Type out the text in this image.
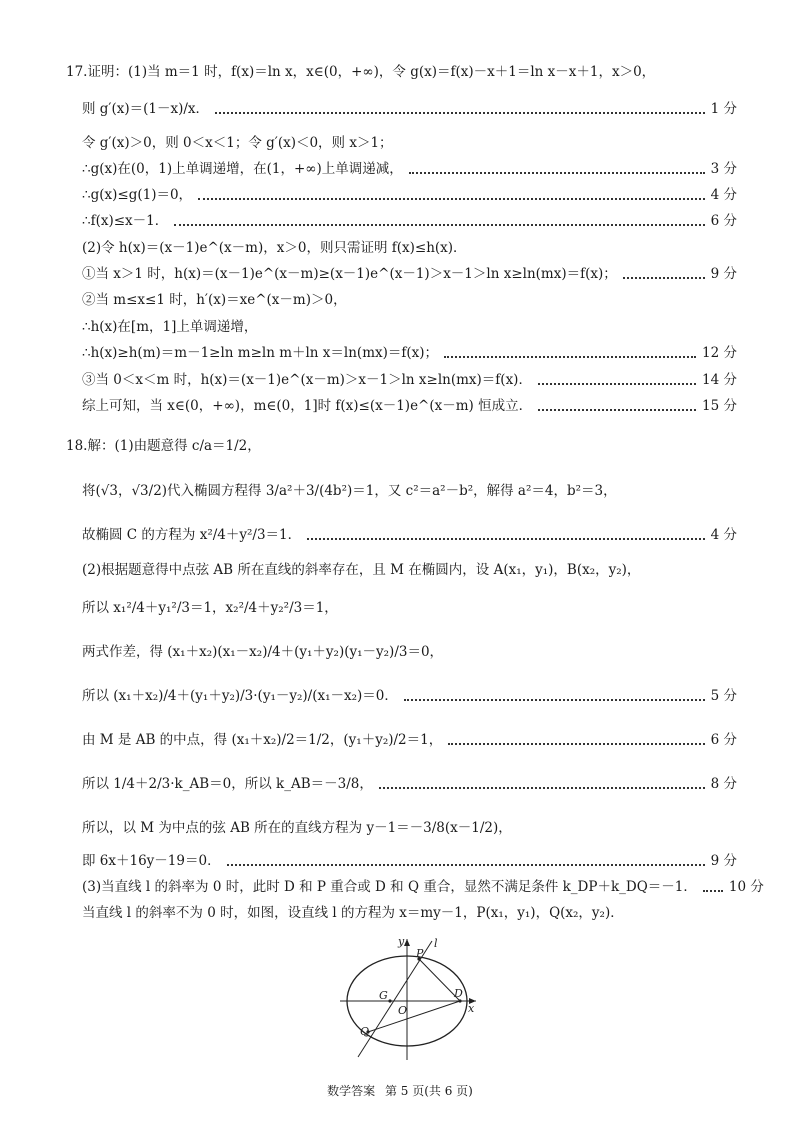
17.证明：(1)当 m＝1 时，f(x)＝ln x，x∈(0，+∞)，令 g(x)＝f(x)－x＋1＝ln x－x＋1，x＞0，
则 g′(x)＝(1－x)/x．	1 分
令 g′(x)＞0，则 0＜x＜1；令 g′(x)＜0，则 x＞1；
∴g(x)在(0，1)上单调递增，在(1，+∞)上单调递减，	3 分
∴g(x)≤g(1)＝0，	4 分
∴f(x)≤x－1．	6 分
(2)令 h(x)＝(x－1)e^(x－m)，x＞0，则只需证明 f(x)≤h(x)．
①当 x＞1 时，h(x)＝(x－1)e^(x－m)≥(x－1)e^(x－1)＞x－1＞ln x≥ln(mx)＝f(x)；	9 分
②当 m≤x≤1 时，h′(x)＝xe^(x－m)＞0，
∴h(x)在[m，1]上单调递增，
∴h(x)≥h(m)＝m－1≥ln m≥ln m＋ln x＝ln(mx)＝f(x)；	12 分
③当 0＜x＜m 时，h(x)＝(x－1)e^(x－m)＞x－1＞ln x≥ln(mx)＝f(x)．	14 分
综上可知，当 x∈(0，+∞)，m∈(0，1]时 f(x)≤(x－1)e^(x－m) 恒成立．	15 分
18.解：(1)由题意得 c/a＝1/2，
将(√3，√3/2)代入椭圆方程得 3/a²＋3/(4b²)＝1，又 c²＝a²－b²，解得 a²＝4，b²＝3，
故椭圆 C 的方程为 x²/4＋y²/3＝1．	4 分
(2)根据题意得中点弦 AB 所在直线的斜率存在，且 M 在椭圆内，设 A(x₁，y₁)，B(x₂，y₂)，
所以 x₁²/4＋y₁²/3＝1，x₂²/4＋y₂²/3＝1，
两式作差，得 (x₁＋x₂)(x₁－x₂)/4＋(y₁＋y₂)(y₁－y₂)/3＝0，
所以 (x₁＋x₂)/4＋(y₁＋y₂)/3·(y₁－y₂)/(x₁－x₂)＝0．	5 分
由 M 是 AB 的中点，得 (x₁＋x₂)/2＝1/2，(y₁＋y₂)/2＝1，	6 分
所以 1/4＋2/3·k_AB＝0，所以 k_AB＝－3/8，	8 分
所以，以 M 为中点的弦 AB 所在的直线方程为 y－1＝－3/8(x－1/2)，
即 6x＋16y－19＝0．	9 分
(3)当直线 l 的斜率为 0 时，此时 D 和 P 重合或 D 和 Q 重合，显然不满足条件 k_DP＋k_DQ＝－1． 10 分
当直线 l 的斜率不为 0 时，如图，设直线 l 的方程为 x＝my－1，P(x₁，y₁)，Q(x₂，y₂)．
y	l
P
G
O
D
x
Q
数学答案 第 5 页(共 6 页)
